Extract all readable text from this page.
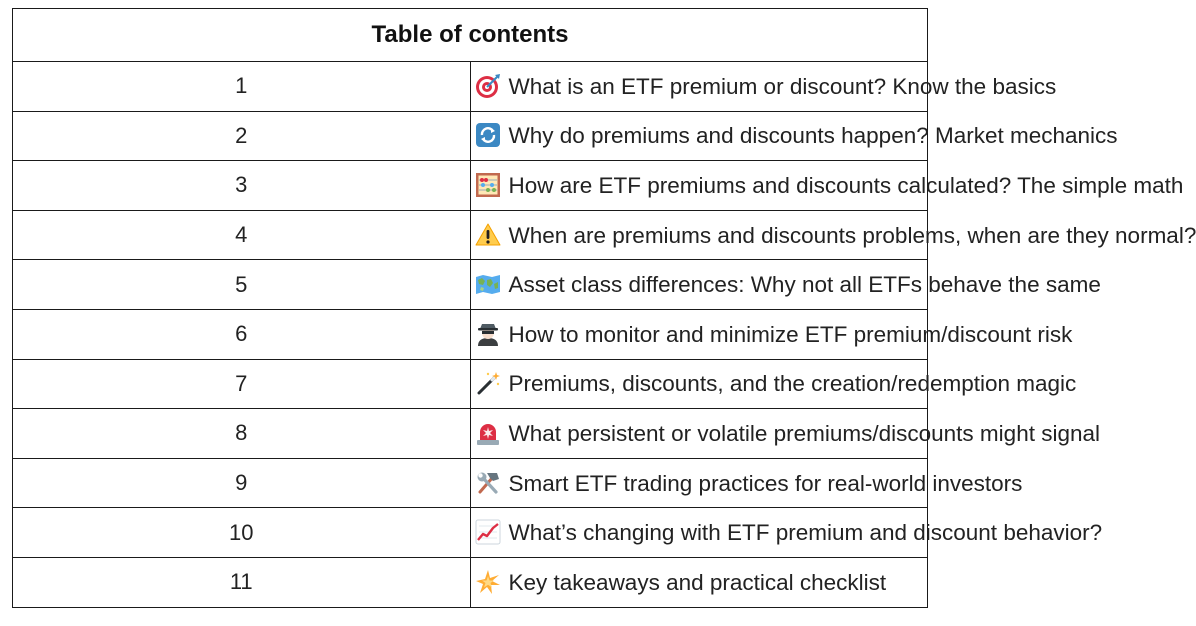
Table of contents	
1	What is an ETF premium or discount? Know the basics
2	Why do premiums and discounts happen? Market mechanics
3	How are ETF premiums and discounts calculated? The simple math
4	When are premiums and discounts problems, when are they normal?
5	Asset class differences: Why not all ETFs behave the same
6	How to monitor and minimize ETF premium/discount risk
7	Premiums, discounts, and the creation/redemption magic
8	What persistent or volatile premiums/discounts might signal
9	Smart ETF trading practices for real-world investors
10	What’s changing with ETF premium and discount behavior?
11	Key takeaways and practical checklist
